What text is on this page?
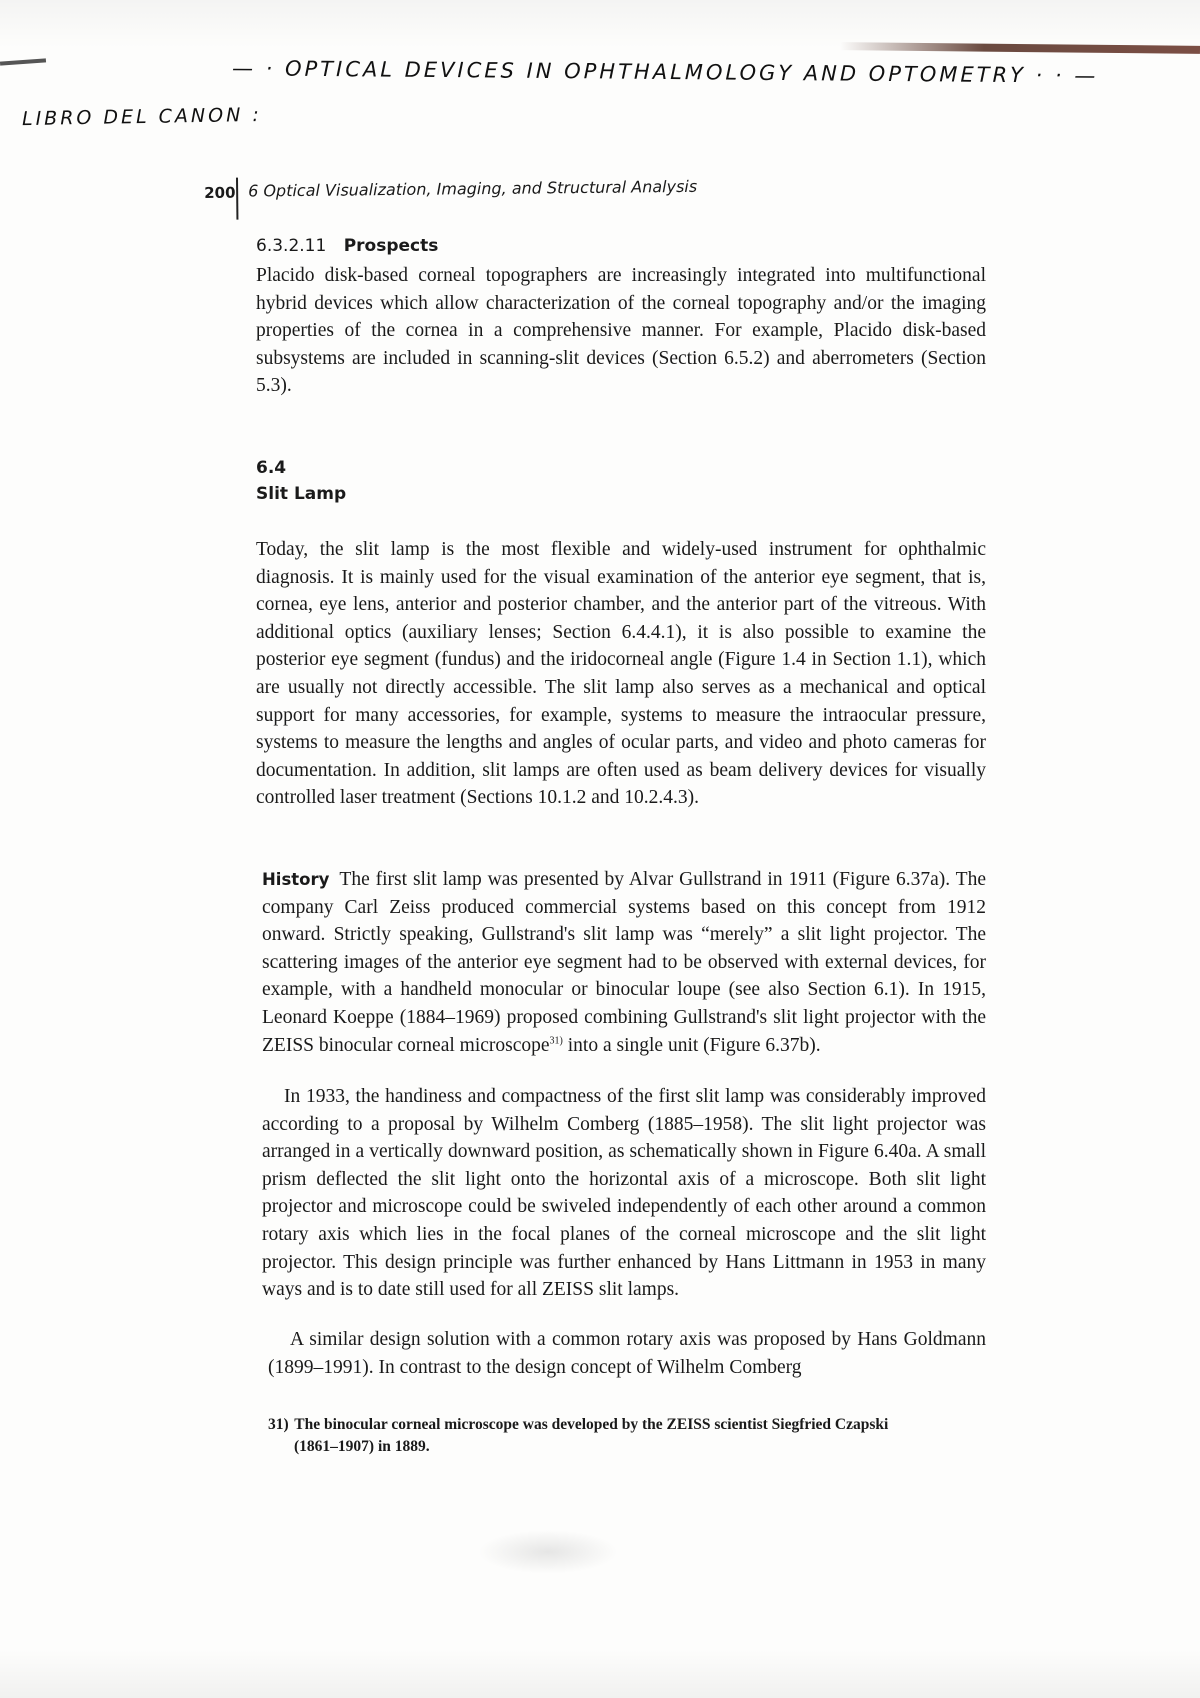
— · OPTICAL DEVICES IN OPHTHALMOLOGY AND OPTOMETRY · · —
LIBRO DEL CANON :
200 6 Optical Visualization, Imaging, and Structural Analysis
6.3.2.11 Prospects
Placido disk-based corneal topographers are increasingly integrated into multifunctional hybrid devices which allow characterization of the corneal topography and/or the imaging properties of the cornea in a comprehensive manner. For example, Placido disk-based subsystems are included in scanning-slit devices (Section 6.5.2) and aberrometers (Section 5.3).
6.4
Slit Lamp
Today, the slit lamp is the most flexible and widely-used instrument for ophthalmic diagnosis. It is mainly used for the visual examination of the anterior eye segment, that is, cornea, eye lens, anterior and posterior chamber, and the anterior part of the vitreous. With additional optics (auxiliary lenses; Section 6.4.4.1), it is also possible to examine the posterior eye segment (fundus) and the iridocorneal angle (Figure 1.4 in Section 1.1), which are usually not directly accessible. The slit lamp also serves as a mechanical and optical support for many accessories, for example, systems to measure the intraocular pressure, systems to measure the lengths and angles of ocular parts, and video and photo cameras for documentation. In addition, slit lamps are often used as beam delivery devices for visually controlled laser treatment (Sections 10.1.2 and 10.2.4.3).
History The first slit lamp was presented by Alvar Gullstrand in 1911 (Figure 6.37a). The company Carl Zeiss produced commercial systems based on this concept from 1912 onward. Strictly speaking, Gullstrand's slit lamp was “merely” a slit light projector. The scattering images of the anterior eye segment had to be observed with external devices, for example, with a handheld monocular or binocular loupe (see also Section 6.1). In 1915, Leonard Koeppe (1884–1969) proposed combining Gullstrand's slit light projector with the ZEISS binocular corneal microscope$^{31)}$ into a single unit (Figure 6.37b).
In 1933, the handiness and compactness of the first slit lamp was considerably improved according to a proposal by Wilhelm Comberg (1885–1958). The slit light projector was arranged in a vertically downward position, as schematically shown in Figure 6.40a. A small prism deflected the slit light onto the horizontal axis of a microscope. Both slit light projector and microscope could be swiveled independently of each other around a common rotary axis which lies in the focal planes of the corneal microscope and the slit light projector. This design principle was further enhanced by Hans Littmann in 1953 in many ways and is to date still used for all ZEISS slit lamps.
A similar design solution with a common rotary axis was proposed by Hans Goldmann (1899–1991). In contrast to the design concept of Wilhelm Comberg
31) The binocular corneal microscope was developed by the ZEISS scientist Siegfried Czapski
(1861–1907) in 1889.
